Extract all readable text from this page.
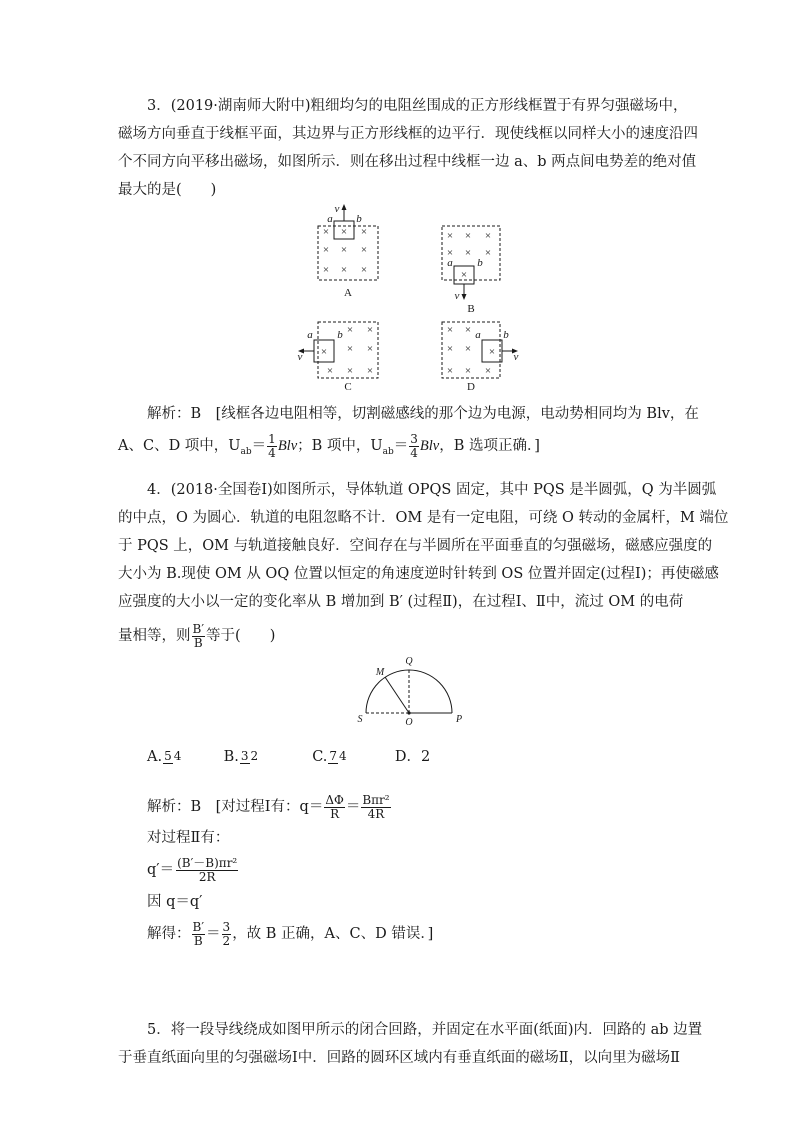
3．(2019·湖南师大附中)粗细均匀的电阻丝围成的正方形线框置于有界匀强磁场中，
磁场方向垂直于线框平面，其边界与正方形线框的边平行．现使线框以同样大小的速度沿四
个不同方向平移出磁场，如图所示．则在移出过程中线框一边 a、b 两点间电势差的绝对值
最大的是(　　)
× ×
× × ×
× × ×
×	× × ×
× × ×
×
× ×
× × ×
× × ×
× ×
× × ×
× × ×
a b
v
a b
v
a b
v
a b
v
A
B
C	D
解析：B　[线框各边电阻相等，切割磁感线的那个边为电源，电动势相同均为 Blv，在
A、C、D 项中，$U_{ab}= \frac{1}{4}$ Blv；B 项中，$U_{ab}= \frac{3}{4}$ Blv，B 选项正确．]
4．(2018·全国卷Ⅰ)如图所示，导体轨道 OPQS 固定，其中 PQS 是半圆弧，Q 为半圆弧
的中点，O 为圆心．轨道的电阻忽略不计．OM 是有一定电阻，可绕 O 转动的金属杆，M 端位
于 PQS 上，OM 与轨道接触良好．空间存在与半圆所在平面垂直的匀强磁场，磁感应强度的
大小为 B.现使 OM 从 OQ 位置以恒定的角速度逆时针转到 OS 位置并固定(过程Ⅰ)；再使磁感
应强度的大小以一定的变化率从 B 增加到 B′ (过程Ⅱ)，在过程Ⅰ、Ⅱ中，流过 OM 的电荷
量相等，则 $\frac{B'}{B}$ 等于(　　)
M
Q
S	O	P
A. 5 4	B. 3 2	C. 7 4	D．2
解析：B　[对过程Ⅰ有：$q= \frac{\Delta\Phi}{R} = \frac{\text{Bπr²}}{4R}$
对过程Ⅱ有：
$q'= \frac{\text{(B′－B)πr²}}{2R}$
因 q＝q′
解得： $\frac{B'}{B} = \frac{3}{2}$ ，故 B 正确，A、C、D 错误．]
5．将一段导线绕成如图甲所示的闭合回路，并固定在水平面(纸面)内．回路的 ab 边置
于垂直纸面向里的匀强磁场Ⅰ中．回路的圆环区域内有垂直纸面的磁场Ⅱ，以向里为磁场Ⅱ
